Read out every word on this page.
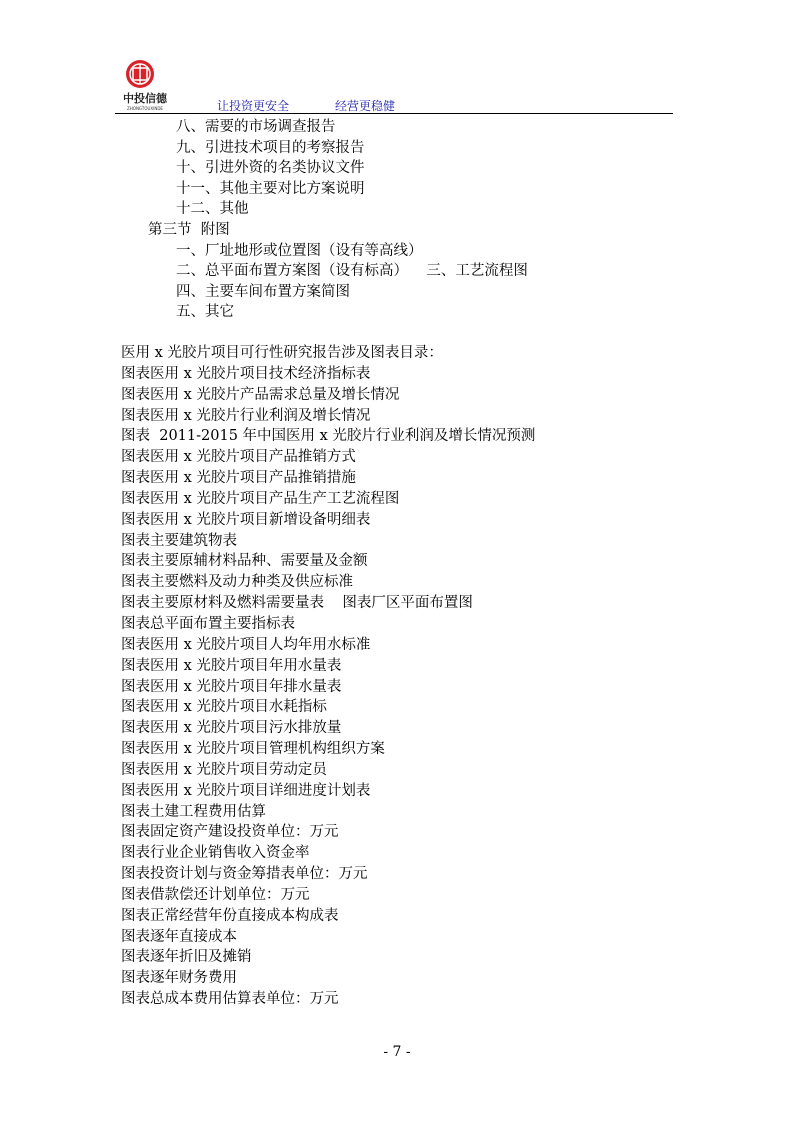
中投信德
ZHONGTOUXINDE	让投资更安全	经营更稳健
八、需要的市场调查报告
九、引进技术项目的考察报告
十、引进外资的名类协议文件
十一、其他主要对比方案说明
十二、其他
第三节  附图
一、厂址地形或位置图（设有等高线）
二、总平面布置方案图（设有标高）    三、工艺流程图
四、主要车间布置方案简图
五、其它
医用 x 光胶片项目可行性研究报告涉及图表目录：
图表医用 x 光胶片项目技术经济指标表
图表医用 x 光胶片产品需求总量及增长情况
图表医用 x 光胶片行业利润及增长情况
图表  2011-2015 年中国医用 x 光胶片行业利润及增长情况预测
图表医用 x 光胶片项目产品推销方式
图表医用 x 光胶片项目产品推销措施
图表医用 x 光胶片项目产品生产工艺流程图
图表医用 x 光胶片项目新增设备明细表
图表主要建筑物表
图表主要原辅材料品种、需要量及金额
图表主要燃料及动力种类及供应标准
图表主要原材料及燃料需要量表    图表厂区平面布置图
图表总平面布置主要指标表
图表医用 x 光胶片项目人均年用水标准
图表医用 x 光胶片项目年用水量表
图表医用 x 光胶片项目年排水量表
图表医用 x 光胶片项目水耗指标
图表医用 x 光胶片项目污水排放量
图表医用 x 光胶片项目管理机构组织方案
图表医用 x 光胶片项目劳动定员
图表医用 x 光胶片项目详细进度计划表
图表土建工程费用估算
图表固定资产建设投资单位：万元
图表行业企业销售收入资金率
图表投资计划与资金筹措表单位：万元
图表借款偿还计划单位：万元
图表正常经营年份直接成本构成表
图表逐年直接成本
图表逐年折旧及摊销
图表逐年财务费用
图表总成本费用估算表单位：万元
- 7 -
